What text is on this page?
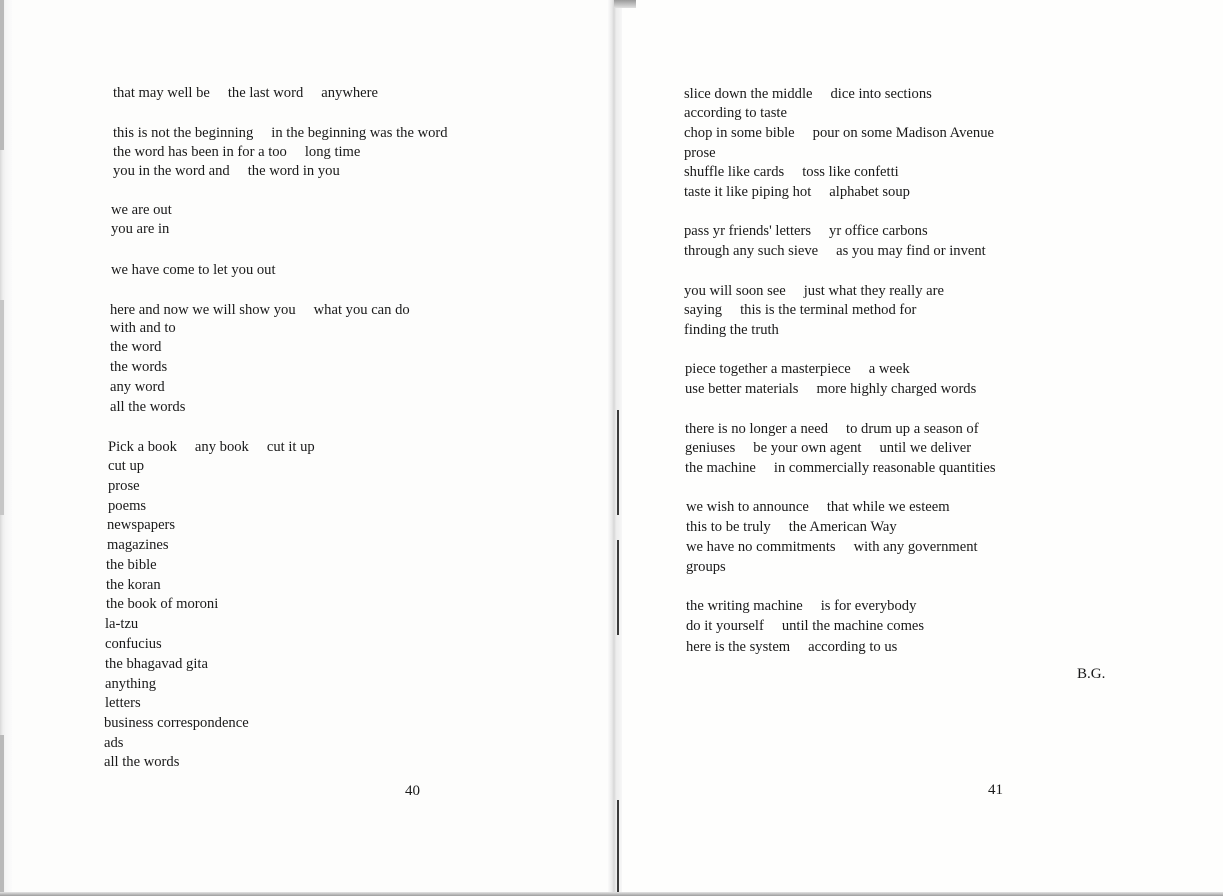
that may well be the last word anywhere
this is not the beginning in the beginning was the word
the word has been in for a too long time
you in the word and the word in you
we are out
you are in
we have come to let you out
here and now we will show you what you can do
with and to
the word
the words
any word
all the words
Pick a book any book cut it up
cut up
prose
poems
newspapers
magazines
the bible
the koran
the book of moroni
la-tzu
confucius
the bhagavad gita
anything
letters
business correspondence
ads
all the words
40
slice down the middle dice into sections
according to taste
chop in some bible pour on some Madison Avenue
prose
shuffle like cards toss like confetti
taste it like piping hot alphabet soup
pass yr friends' letters yr office carbons
through any such sieve as you may find or invent
you will soon see just what they really are
saying this is the terminal method for
finding the truth
piece together a masterpiece a week
use better materials more highly charged words
there is no longer a need to drum up a season of
geniuses be your own agent until we deliver
the machine in commercially reasonable quantities
we wish to announce that while we esteem
this to be truly the American Way
we have no commitments with any government
groups
the writing machine is for everybody
do it yourself until the machine comes
here is the system according to us
B.G.
41
